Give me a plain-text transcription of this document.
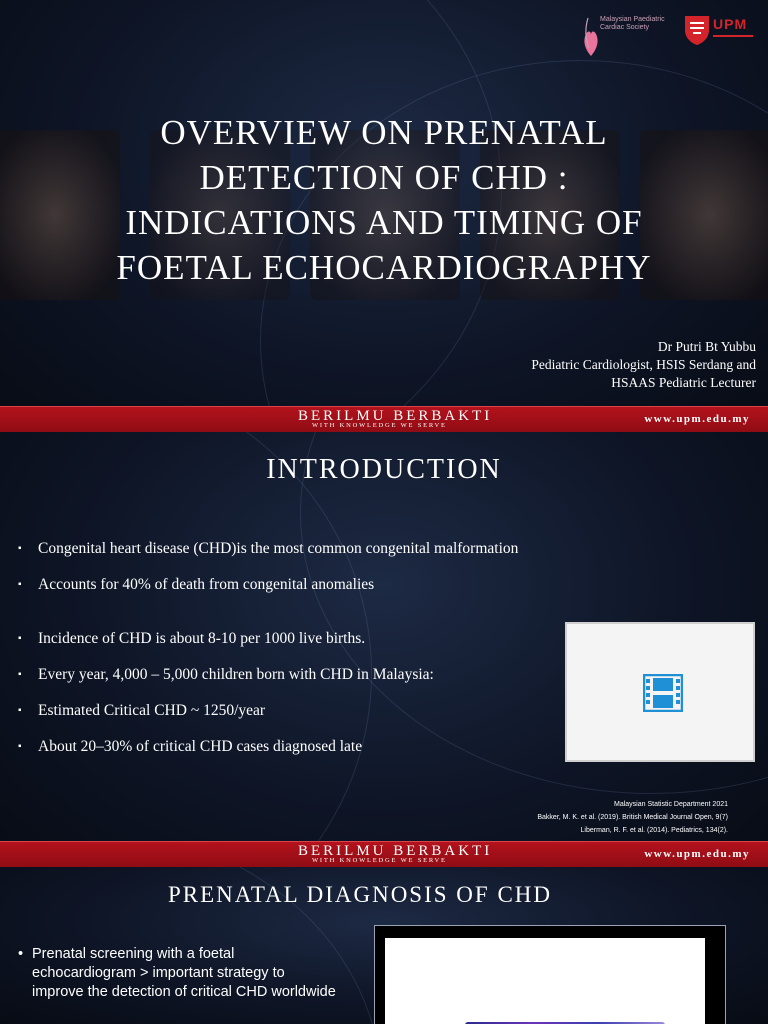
Malaysian Paediatric
Cardiac Society	UPM
OVERVIEW ON PRENATAL
DETECTION OF CHD :
INDICATIONS AND TIMING OF
FOETAL ECHOCARDIOGRAPHY
Dr Putri Bt Yubbu
Pediatric Cardiologist, HSIS Serdang and
HSAAS Pediatric Lecturer
BERILMU BERBAKTI
WITH KNOWLEDGE WE SERVE
www.upm.edu.my
INTRODUCTION
▪ Congenital heart disease (CHD)is the most common congenital malformation
▪ Accounts for 40% of death from congenital anomalies
▪ Incidence of CHD is about 8-10 per 1000 live births.
▪ Every year, 4,000 – 5,000 children born with CHD in Malaysia:
▪ Estimated Critical CHD ~ 1250/year
▪ About 20–30% of critical CHD cases diagnosed late
Malaysian Statistic Department 2021
Bakker, M. K. et al. (2019). British Medical Journal Open, 9(7)
Liberman, R. F. et al. (2014). Pediatrics, 134(2).
BERILMU BERBAKTI
WITH KNOWLEDGE WE SERVE
www.upm.edu.my
PRENATAL DIAGNOSIS OF CHD
• Prenatal screening with a foetal echocardiogram > important strategy to improve the detection of critical CHD worldwide
